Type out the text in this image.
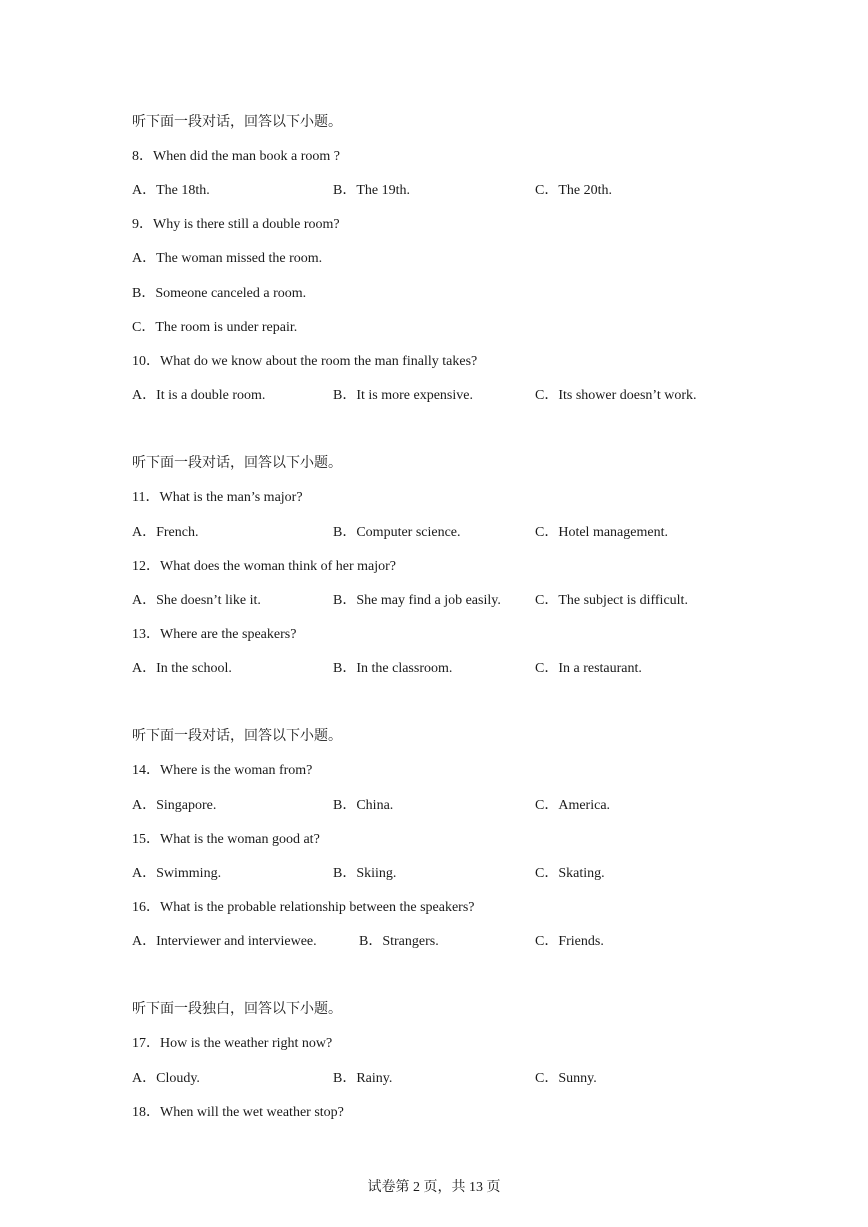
听下面一段对话，回答以下小题。
8．When did the man book a room ?
A．The 18th.	B．The 19th.	C．The 20th.
9．Why is there still a double room?
A．The woman missed the room.
B．Someone canceled a room.
C．The room is under repair.
10．What do we know about the room the man finally takes?
A．It is a double room.	B．It is more expensive.	C．Its shower doesn’t work.
听下面一段对话，回答以下小题。
11．What is the man’s major?
A．French.	B．Computer science.	C．Hotel management.
12．What does the woman think of her major?
A．She doesn’t like it.	B．She may find a job easily. C．The subject is difficult.
13．Where are the speakers?
A．In the school.	B．In the classroom.	C．In a restaurant.
听下面一段对话，回答以下小题。
14．Where is the woman from?
A．Singapore.	B．China.	C．America.
15．What is the woman good at?
A．Swimming.	B．Skiing.	C．Skating.
16．What is the probable relationship between the speakers?
A．Interviewer and interviewee.	B．Strangers.	C．Friends.
听下面一段独白，回答以下小题。
17．How is the weather right now?
A．Cloudy.	B．Rainy.	C．Sunny.
18．When will the wet weather stop?
试卷第 2 页，共 13 页
